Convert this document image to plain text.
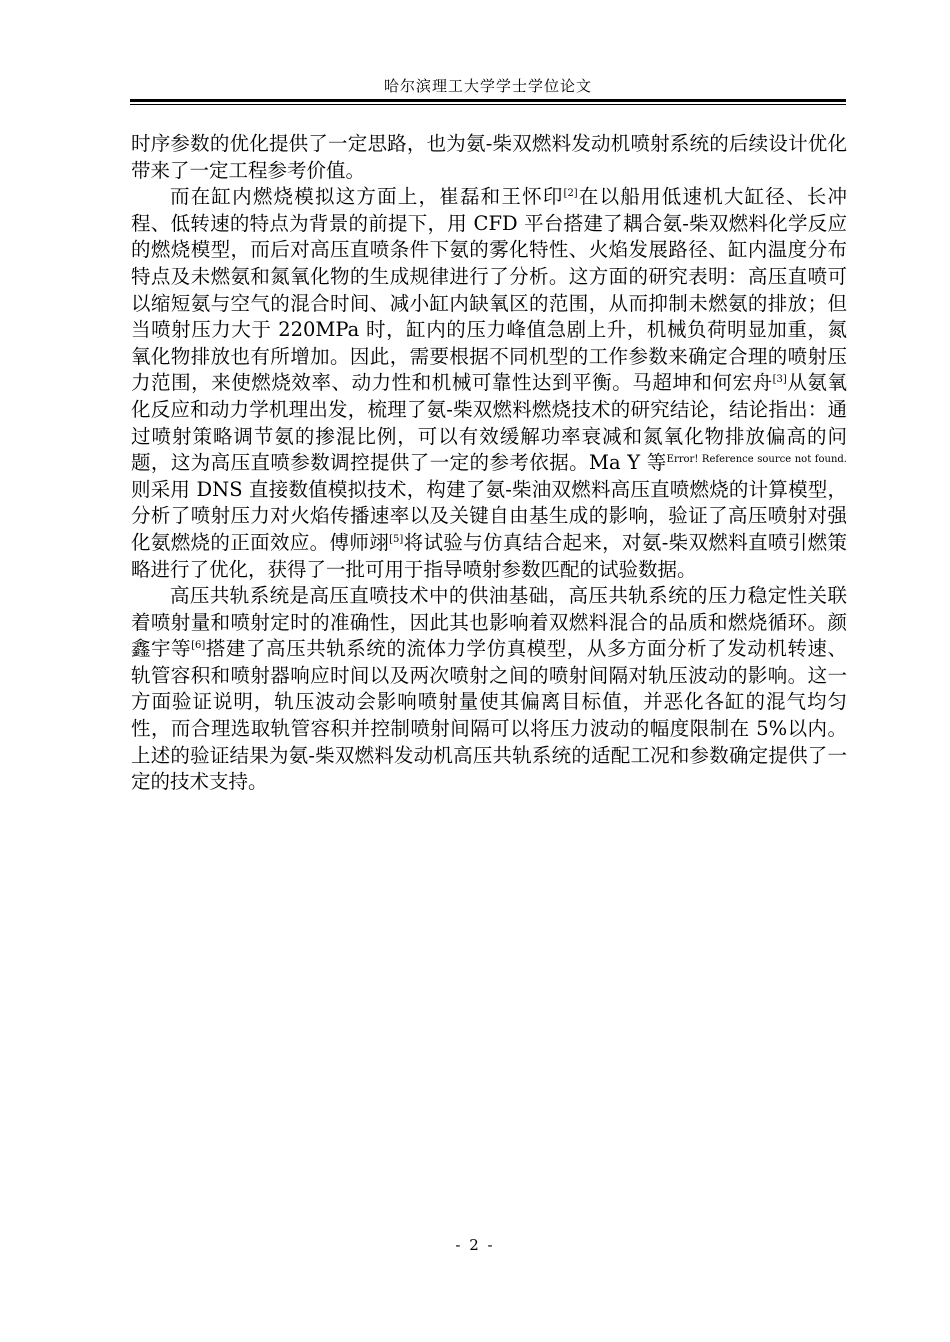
哈尔滨理工大学学士学位论文

时序参数的优化提供了一定思路，也为氨-柴双燃料发动机喷射系统的后续设计优化带来了一定工程参考价值。

而在缸内燃烧模拟这方面上，崔磊和王怀印[2]在以船用低速机大缸径、长冲程、低转速的特点为背景的前提下，用 CFD 平台搭建了耦合氨-柴双燃料化学反应的燃烧模型，而后对高压直喷条件下氨的雾化特性、火焰发展路径、缸内温度分布特点及未燃氨和氮氧化物的生成规律进行了分析。这方面的研究表明：高压直喷可以缩短氨与空气的混合时间、减小缸内缺氧区的范围，从而抑制未燃氨的排放；但当喷射压力大于 220MPa 时，缸内的压力峰值急剧上升，机械负荷明显加重，氮氧化物排放也有所增加。因此，需要根据不同机型的工作参数来确定合理的喷射压力范围，来使燃烧效率、动力性和机械可靠性达到平衡。马超坤和何宏舟[3]从氨氧化反应和动力学机理出发，梳理了氨-柴双燃料燃烧技术的研究结论，结论指出：通过喷射策略调节氨的掺混比例，可以有效缓解功率衰减和氮氧化物排放偏高的问题，这为高压直喷参数调控提供了一定的参考依据。Ma Y 等$^{Error! Reference source not found.}$则采用 DNS 直接数值模拟技术，构建了氨-柴油双燃料高压直喷燃烧的计算模型，分析了喷射压力对火焰传播速率以及关键自由基生成的影响，验证了高压喷射对强化氨燃烧的正面效应。傅师翊[5]将试验与仿真结合起来，对氨-柴双燃料直喷引燃策略进行了优化，获得了一批可用于指导喷射参数匹配的试验数据。

高压共轨系统是高压直喷技术中的供油基础，高压共轨系统的压力稳定性关联着喷射量和喷射定时的准确性，因此其也影响着双燃料混合的品质和燃烧循环。颜鑫宇等[6]搭建了高压共轨系统的流体力学仿真模型，从多方面分析了发动机转速、轨管容积和喷射器响应时间以及两次喷射之间的喷射间隔对轨压波动的影响。这一方面验证说明，轨压波动会影响喷射量使其偏离目标值，并恶化各缸的混气均匀性，而合理选取轨管容积并控制喷射间隔可以将压力波动的幅度限制在 5%以内。上述的验证结果为氨-柴双燃料发动机高压共轨系统的适配工况和参数确定提供了一定的技术支持。

- 2 -
